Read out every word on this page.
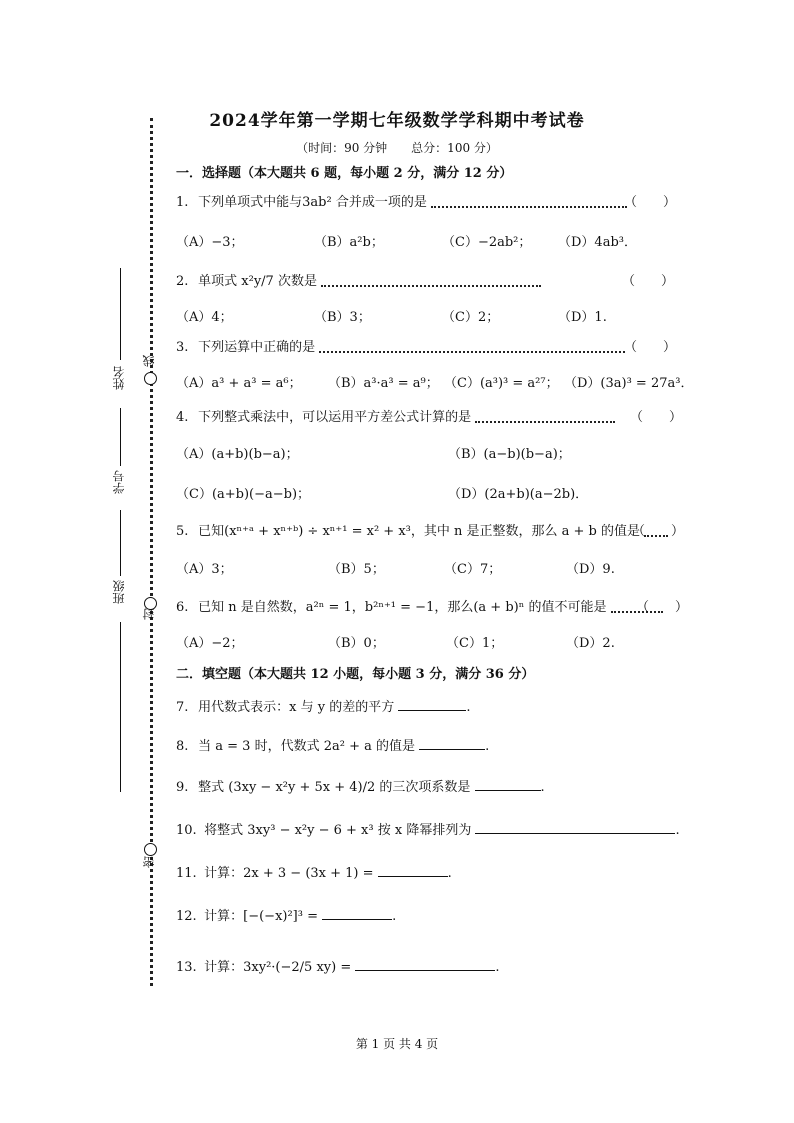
线
封
密
姓名
学号
班级
2024学年第一学期七年级数学学科期中考试卷
（时间：90 分钟　　总分：100 分）
一．选择题（本大题共 6 题，每小题 2 分，满分 12 分）
1. 下列单项式中能与3ab² 合并成一项的是	（　　）
（A）−3；	（B）a²b；	（C）−2ab²； （D）4ab³．
2. 单项式 x²y/7 次数是	（　　）
（A）4；	（B）3；	（C）2；	（D）1.
3. 下列运算中正确的是	（　　）
（A）a³ + a³ = a⁶； （B）a³·a³ = a⁹； （C）(a³)³ = a²⁷； （D）(3a)³ = 27a³．
4. 下列整式乘法中，可以运用平方差公式计算的是	（　　）
（A）(a+b)(b−a)；	（B）(a−b)(b−a)；
（C）(a+b)(−a−b)；	（D）(2a+b)(a−2b)．
5. 已知(xⁿ⁺ᵃ + xⁿ⁺ᵇ) ÷ xⁿ⁺¹ = x² + x³，其中 n 是正整数，那么 a + b 的值是
（　　）
（A）3；	（B）5；	（C）7；	（D）9.
6. 已知 n 是自然数，a²ⁿ = 1，b²ⁿ⁺¹ = −1，那么(a + b)ⁿ 的值不可能是	（　　）
（A）−2；	（B）0；	（C）1；	（D）2.
二．填空题（本大题共 12 小题，每小题 3 分，满分 36 分）
7. 用代数式表示：x 与 y 的差的平方	.
8. 当 a = 3 时，代数式 2a² + a 的值是	.
9. 整式 (3xy − x²y + 5x + 4)/2 的三次项系数是	.
10. 将整式 3xy³ − x²y − 6 + x³ 按 x 降幂排列为	.
11. 计算：2x + 3 − (3x + 1) =	.
12. 计算：[−(−x)²]³ =	.
13. 计算：3xy²·(−2/5 xy) =	.
第 1 页 共 4 页
